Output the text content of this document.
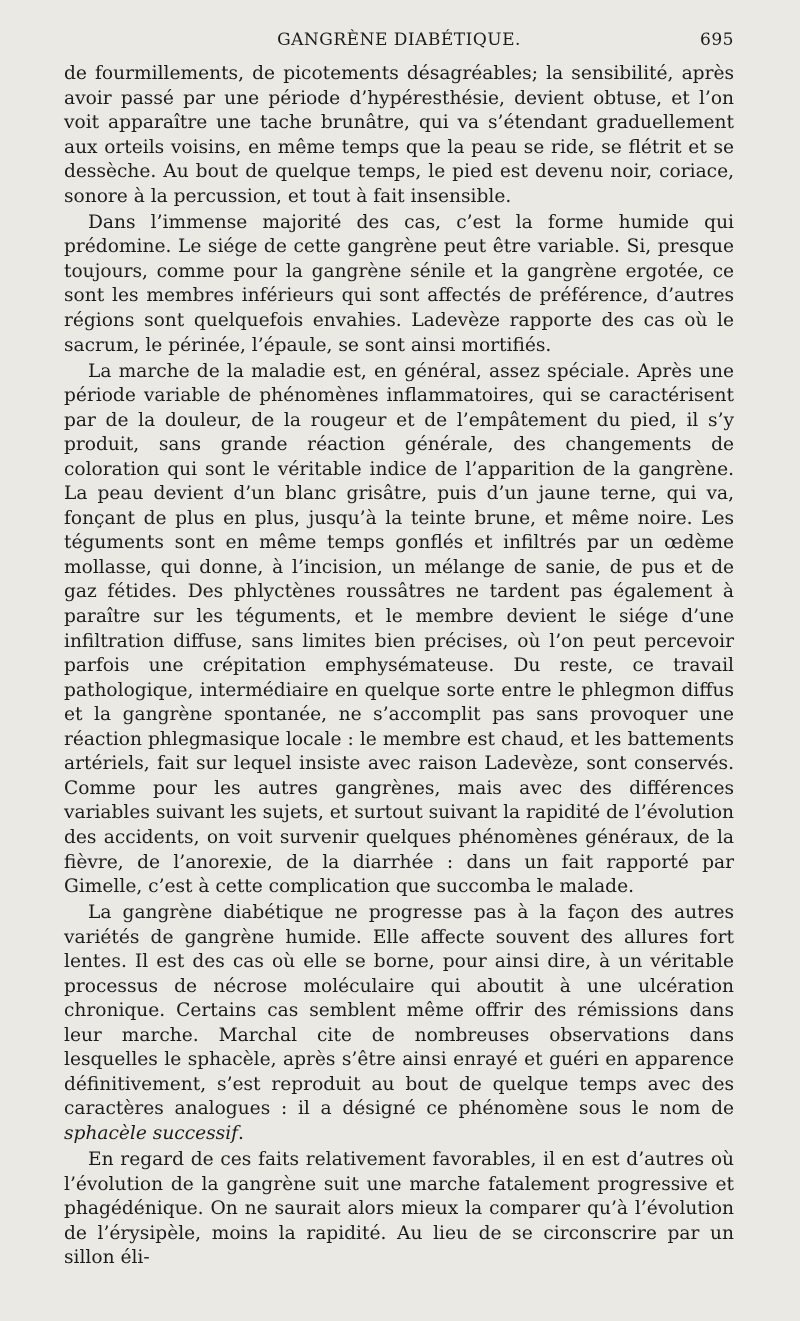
GANGRÈNE DIABÉTIQUE.	695

de fourmillements, de picotements désagréables; la sensibilité, après avoir passé par une période d’hypéresthésie, devient obtuse, et l’on voit apparaître une tache brunâtre, qui va s’étendant graduellement aux orteils voisins, en même temps que la peau se ride, se flétrit et se dessèche. Au bout de quelque temps, le pied est devenu noir, coriace, sonore à la percussion, et tout à fait insensible.

Dans l’immense majorité des cas, c’est la forme humide qui prédomine. Le siége de cette gangrène peut être variable. Si, presque toujours, comme pour la gangrène sénile et la gangrène ergotée, ce sont les membres inférieurs qui sont affectés de préférence, d’autres régions sont quelquefois envahies. Ladevèze rapporte des cas où le sacrum, le périnée, l’épaule, se sont ainsi mortifiés.

La marche de la maladie est, en général, assez spéciale. Après une période variable de phénomènes inflammatoires, qui se caractérisent par de la douleur, de la rougeur et de l’empâtement du pied, il s’y produit, sans grande réaction générale, des changements de coloration qui sont le véritable indice de l’apparition de la gangrène. La peau devient d’un blanc grisâtre, puis d’un jaune terne, qui va, fonçant de plus en plus, jusqu’à la teinte brune, et même noire. Les téguments sont en même temps gonflés et infiltrés par un œdème mollasse, qui donne, à l’incision, un mélange de sanie, de pus et de gaz fétides. Des phlyctènes roussâtres ne tardent pas également à paraître sur les téguments, et le membre devient le siége d’une infiltration diffuse, sans limites bien précises, où l’on peut percevoir parfois une crépitation emphysémateuse. Du reste, ce travail pathologique, intermédiaire en quelque sorte entre le phlegmon diffus et la gangrène spontanée, ne s’accomplit pas sans provoquer une réaction phlegmasique locale : le membre est chaud, et les battements artériels, fait sur lequel insiste avec raison Ladevèze, sont conservés. Comme pour les autres gangrènes, mais avec des différences variables suivant les sujets, et surtout suivant la rapidité de l’évolution des accidents, on voit survenir quelques phénomènes généraux, de la fièvre, de l’anorexie, de la diarrhée : dans un fait rapporté par Gimelle, c’est à cette complication que succomba le malade.

La gangrène diabétique ne progresse pas à la façon des autres variétés de gangrène humide. Elle affecte souvent des allures fort lentes. Il est des cas où elle se borne, pour ainsi dire, à un véritable processus de nécrose moléculaire qui aboutit à une ulcération chronique. Certains cas semblent même offrir des rémissions dans leur marche. Marchal cite de nombreuses observations dans lesquelles le sphacèle, après s’être ainsi enrayé et guéri en apparence définitivement, s’est reproduit au bout de quelque temps avec des caractères analogues : il a désigné ce phénomène sous le nom de sphacèle successif.

En regard de ces faits relativement favorables, il en est d’autres où l’évolution de la gangrène suit une marche fatalement progressive et phagédénique. On ne saurait alors mieux la comparer qu’à l’évolution de l’érysipèle, moins la rapidité. Au lieu de se circonscrire par un sillon éli-
